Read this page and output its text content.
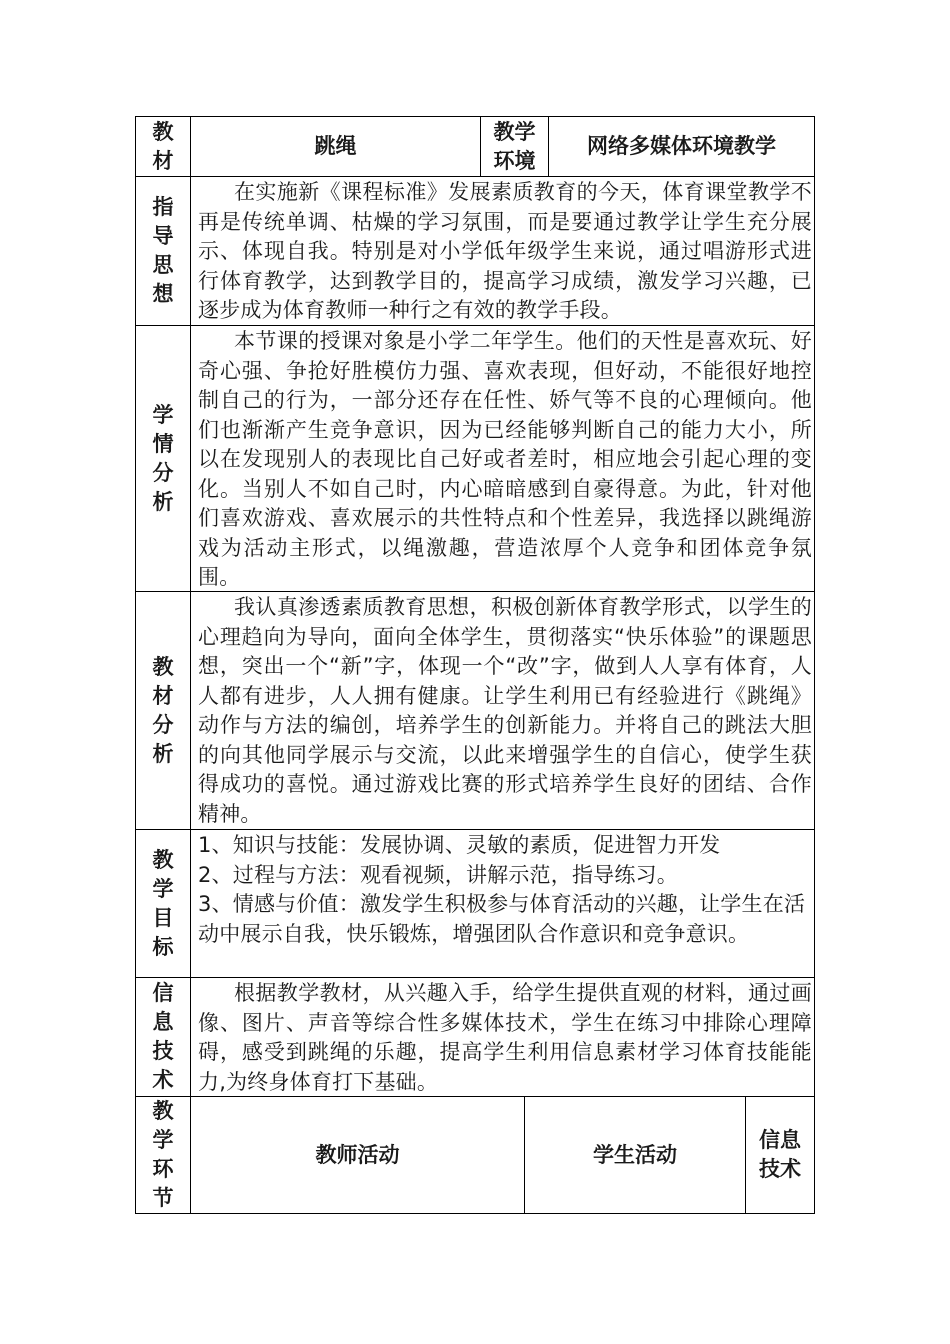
教
材
跳绳
教学
环境
网络多媒体环境教学
指
导
思
想

在实施新《课程标准》发展素质教育的今天，体育课堂教学不再是传统单调、枯燥的学习氛围，而是要通过教学让学生充分展示、体现自我。特别是对小学低年级学生来说，通过唱游形式进行体育教学，达到教学目的，提高学习成绩，激发学习兴趣，已逐步成为体育教师一种行之有效的教学手段。

学
情
分
析

本节课的授课对象是小学二年学生。他们的天性是喜欢玩、好奇心强、争抢好胜模仿力强、喜欢表现，但好动，不能很好地控制自己的行为，一部分还存在任性、娇气等不良的心理倾向。他们也渐渐产生竞争意识，因为已经能够判断自己的能力大小，所以在发现别人的表现比自己好或者差时，相应地会引起心理的变化。当别人不如自己时，内心暗暗感到自豪得意。为此，针对他们喜欢游戏、喜欢展示的共性特点和个性差异，我选择以跳绳游戏为活动主形式，以绳激趣，营造浓厚个人竞争和团体竞争氛围。

教
材
分
析

我认真渗透素质教育思想，积极创新体育教学形式，以学生的心理趋向为导向，面向全体学生，贯彻落实“快乐体验”的课题思想，突出一个“新”字，体现一个“改”字，做到人人享有体育，人人都有进步，人人拥有健康。让学生利用已有经验进行《跳绳》动作与方法的编创，培养学生的创新能力。并将自己的跳法大胆的向其他同学展示与交流，以此来增强学生的自信心，使学生获得成功的喜悦。通过游戏比赛的形式培养学生良好的团结、合作精神。

教
学
目
标
1、知识与技能：发展协调、灵敏的素质，促进智力开发
2、过程与方法：观看视频，讲解示范，指导练习。
3、情感与价值：激发学生积极参与体育活动的兴趣，让学生在活动中展示自我，快乐锻炼，增强团队合作意识和竞争意识。
信
息
技
术

根据教学教材，从兴趣入手，给学生提供直观的材料，通过画像、图片、声音等综合性多媒体技术，学生在练习中排除心理障碍，感受到跳绳的乐趣，提高学生利用信息素材学习体育技能能力,为终身体育打下基础。

教
学
环
节
教师活动	学生活动
信息
技术
